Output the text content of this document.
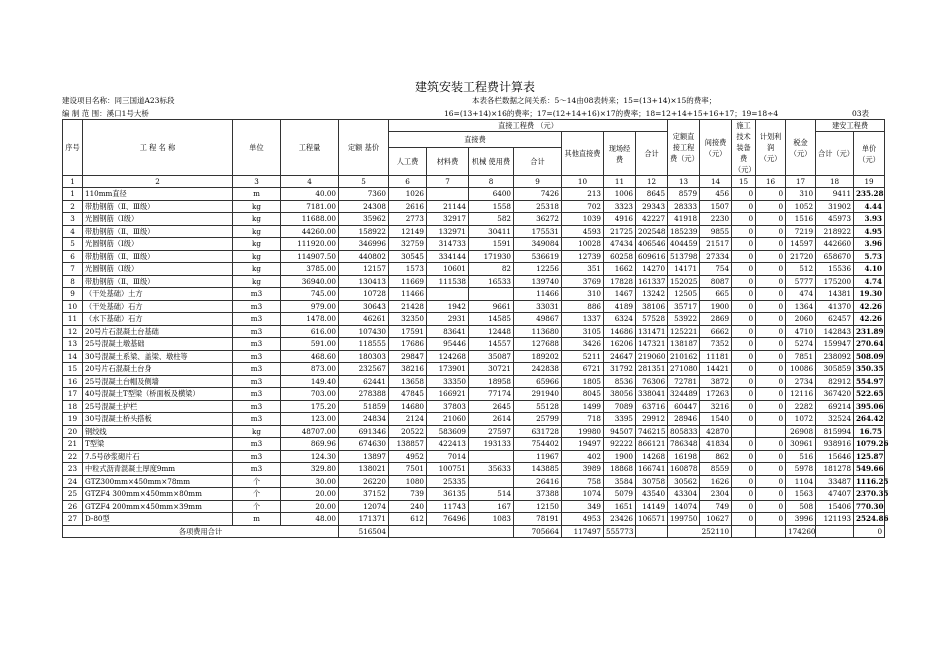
建筑安装工程费计算表
建设项目名称：同三国道A23标段
编 制 范 围：溪口1号大桥
本表各栏数据之间关系：5～14由08表转来；15=(13+14)×15的费率；
16=(13+14)×16的费率；17=(12+14+16)×17的费率；18=12+14+15+16+17；19=18÷4	03表
序号	工 程 名 称	单位	工程量	定额 基价	直接工程费 （元）							定额直接工程费（元）	间接费（元）	施工技术装备费（元）	计划利润（元）	税金（元）	建安工程费	
					直接费				其他直接费	现场经费	合计						合计（元）	单价（元）
					人工费	材料费	机械 使用费	合计										

1	2	3	4	5	6	7	8	9	10	11	12	13	14	15	16	17	18	19
1	110mm直径	m	40.00	7360	1026		6400	7426	213	1006	8645	8579	456	0	0	310	9411	235.28
2	带肋钢筋（Ⅱ、Ⅲ级）	kg	7181.00	24308	2616	21144	1558	25318	702	3323	29343	28333	1507	0	0	1052	31902	4.44
3	光圆钢筋（Ⅰ级）	kg	11688.00	35962	2773	32917	582	36272	1039	4916	42227	41918	2230	0	0	1516	45973	3.93
4	带肋钢筋（Ⅱ、Ⅲ级）	kg	44260.00	158922	12149	132971	30411	175531	4593	21725	202548	185239	9855	0	0	7219	218922	4.95
5	光圆钢筋（Ⅰ级）	kg	111920.00	346996	32759	314733	1591	349084	10028	47434	406546	404459	21517	0	0	14597	442660	3.96
6	带肋钢筋（Ⅱ、Ⅲ级）	kg	114907.50	440802	30545	334144	171930	536619	12739	60258	609616	513798	27334	0	0	21720	658670	5.73
7	光圆钢筋（Ⅰ级）	kg	3785.00	12157	1573	10601	82	12256	351	1662	14270	14171	754	0	0	512	15536	4.10
8	带肋钢筋（Ⅱ、Ⅲ级）	kg	36940.00	130413	11669	111538	16533	139740	3769	17828	161337	152025	8087	0	0	5777	175200	4.74
9	（干处基础）土方	m3	745.00	10728	11466			11466	310	1467	13242	12505	665	0	0	474	14381	19.30
10	（干处基础）石方	m3	979.00	30643	21428	1942	9661	33031	886	4189	38106	35717	1900	0	0	1364	41370	42.26
11	（水下基础）石方	m3	1478.00	46261	32350	2931	14585	49867	1337	6324	57528	53922	2869	0	0	2060	62457	42.26
12	20号片石混凝土台基础	m3	616.00	107430	17591	83641	12448	113680	3105	14686	131471	125221	6662	0	0	4710	142843	231.89
13	25号混凝土墩基础	m3	591.00	118555	17686	95446	14557	127688	3426	16206	147321	138187	7352	0	0	5274	159947	270.64
14	30号混凝土系梁、盖梁、墩柱等	m3	468.60	180303	29847	124268	35087	189202	5211	24647	219060	210162	11181	0	0	7851	238092	508.09
15	20号片石混凝土台身	m3	873.00	232567	38216	173901	30721	242838	6721	31792	281351	271080	14421	0	0	10086	305859	350.35
16	25号混凝土台帽及侧墙	m3	149.40	62441	13658	33350	18958	65966	1805	8536	76306	72781	3872	0	0	2734	82912	554.97
17	40号混凝土T型梁（桥面板及横梁）	m3	703.00	278388	47845	166921	77174	291940	8045	38056	338041	324489	17263	0	0	12116	367420	522.65
18	25号混凝土护栏	m3	175.20	51859	14680	37803	2645	55128	1499	7089	63716	60447	3216	0	0	2282	69214	395.06
19	30号混凝土桥头搭板	m3	123.00	24834	2124	21060	2614	25799	718	3395	29912	28946	1540	0	0	1072	32524	264.42
20	钢绞线	kg	48707.00	691346	20522	583609	27597	631728	19980	94507	746215	805833	42870			26908	815994	16.75
21	T型梁	m3	869.96	674630	138857	422413	193133	754402	19497	92222	866121	786348	41834	0	0	30961	938916	1079.26
22	7.5号砂浆砌片石	m3	124.30	13897	4952	7014		11967	402	1900	14268	16198	862	0	0	516	15646	125.87
23	中粒式沥青混凝土厚度9mm	m3	329.80	138021	7501	100751	35633	143885	3989	18868	166741	160878	8559	0	0	5978	181278	549.66
24	GTZ300mm×450mm×78mm	个	30.00	26220	1080	25335		26416	758	3584	30758	30562	1626	0	0	1104	33487	1116.25
25	GTZF4 300mm×450mm×80mm	个	20.00	37152	739	36135	514	37388	1074	5079	43540	43304	2304	0	0	1563	47407	2370.35
26	GTZF4 200mm×450mm×39mm	个	20.00	12074	240	11743	167	12150	349	1651	14149	14074	749	0	0	508	15406	770.30
27	D-80型	m	48.00	171371	612	76496	1083	78191	4953	23426	106571	199750	10627	0	0	3996	121193	2524.86
各项费用合计				516504				705664	117497	555773		252110				174260		0
